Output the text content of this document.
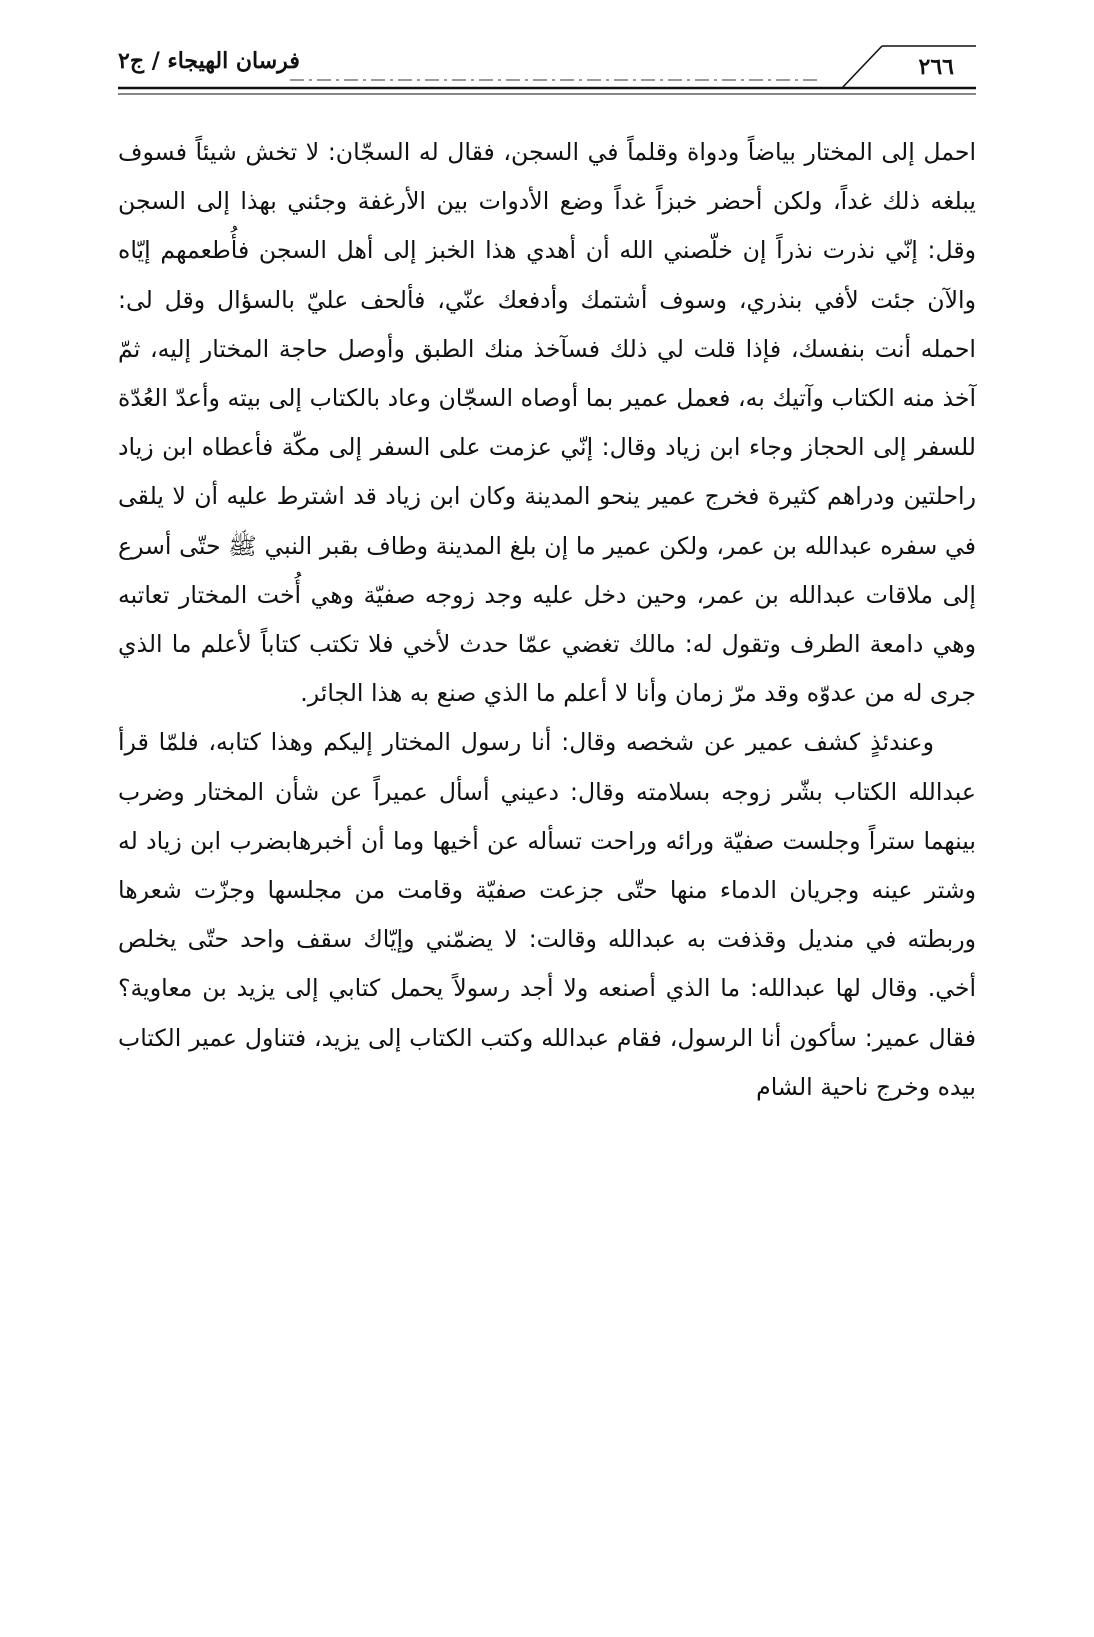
فرسان الهيجاء / ج٢	٢٦٦

احمل إلى المختار بياضاً ودواة وقلماً في السجن، فقال له السجّان: لا تخش شيئاً فسوف يبلغه ذلك غداً، ولكن أحضر خبزاً غداً وضع الأدوات بين الأرغفة وجئني بهذا إلى السجن وقل: إنّي نذرت نذراً إن خلّصني الله أن أهدي هذا الخبز إلى أهل السجن فأُطعمهم إيّاه والآن جئت لأفي بنذري، وسوف أشتمك وأدفعك عنّي، فألحف عليّ بالسؤال وقل لى: احمله أنت بنفسك، فإذا قلت لي ذلك فسآخذ منك الطبق وأوصل حاجة المختار إليه، ثمّ آخذ منه الكتاب وآتيك به، فعمل عمير بما أوصاه السجّان وعاد بالكتاب إلى بيته وأعدّ العُدّة للسفر إلى الحجاز وجاء ابن زياد وقال: إنّي عزمت على السفر إلى مكّة فأعطاه ابن زياد راحلتين ودراهم كثيرة فخرج عمير ينحو المدينة وكان ابن زياد قد اشترط عليه أن لا يلقى في سفره عبدالله بن عمر، ولكن عمير ما إن بلغ المدينة وطاف بقبر النبي ﷺ حتّى أسرع إلى ملاقات عبدالله بن عمر، وحين دخل عليه وجد زوجه صفيّة وهي أُخت المختار تعاتبه وهي دامعة الطرف وتقول له: مالك تغضي عمّا حدث لأخي فلا تكتب كتاباً لأعلم ما الذي جرى له من عدوّه وقد مرّ زمان وأنا لا أعلم ما الذي صنع به هذا الجائر.

وعندئذٍ كشف عمير عن شخصه وقال: أنا رسول المختار إليكم وهذا كتابه، فلمّا قرأ عبدالله الكتاب بشّر زوجه بسلامته وقال: دعيني أسأل عميراً عن شأن المختار وضرب بينهما ستراً وجلست صفيّة ورائه وراحت تسأله عن أخيها وما أن أخبرهابضرب ابن زياد له وشتر عينه وجريان الدماء منها حتّى جزعت صفيّة وقامت من مجلسها وجزّت شعرها وربطته في منديل وقذفت به عبدالله وقالت: لا يضمّني وإيّاك سقف واحد حتّى يخلص أخي. وقال لها عبدالله: ما الذي أصنعه ولا أجد رسولاً يحمل كتابي إلى يزيد بن معاوية؟ فقال عمير: سأكون أنا الرسول، فقام عبدالله وكتب الكتاب إلى يزيد، فتناول عمير الكتاب بيده وخرج ناحية الشام
